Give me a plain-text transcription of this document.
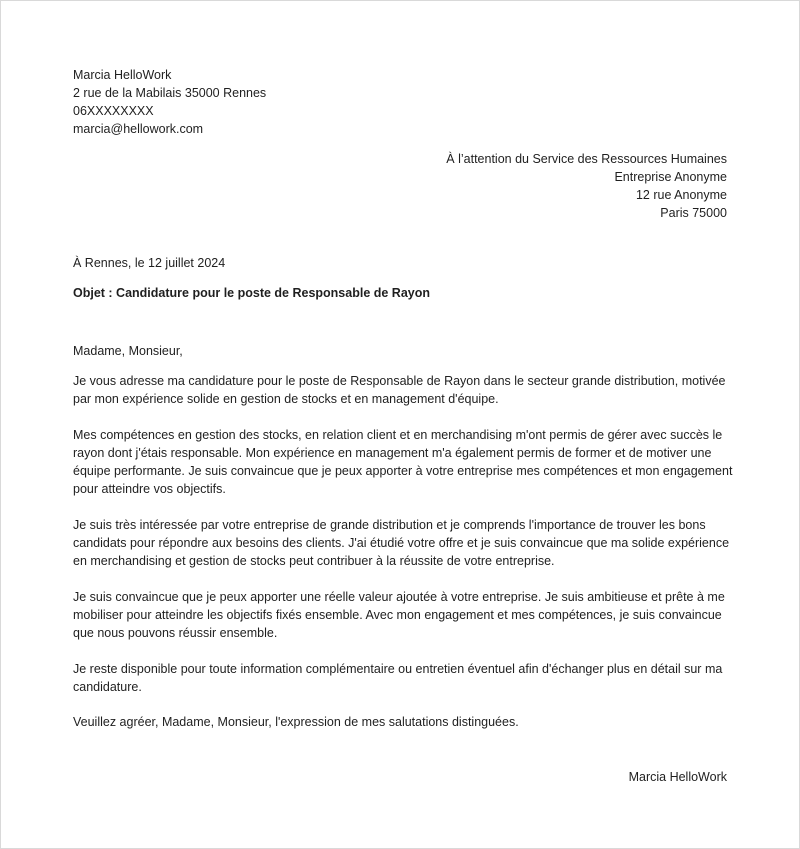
Marcia HelloWork
2 rue de la Mabilais 35000 Rennes
06XXXXXXXX
marcia@hellowork.com
À l’attention du Service des Ressources Humaines
Entreprise Anonyme
12 rue Anonyme
Paris 75000
À Rennes, le 12 juillet 2024
Objet : Candidature pour le poste de Responsable de Rayon
Madame, Monsieur,

Je vous adresse ma candidature pour le poste de Responsable de Rayon dans le secteur grande distribution, motivée par mon expérience solide en gestion de stocks et en management d'équipe.

Mes compétences en gestion des stocks, en relation client et en merchandising m'ont permis de gérer avec succès le rayon dont j'étais responsable. Mon expérience en management m'a également permis de former et de motiver une équipe performante. Je suis convaincue que je peux apporter à votre entreprise mes compétences et mon engagement pour atteindre vos objectifs.

Je suis très intéressée par votre entreprise de grande distribution et je comprends l'importance de trouver les bons candidats pour répondre aux besoins des clients. J'ai étudié votre offre et je suis convaincue que ma solide expérience en merchandising et gestion de stocks peut contribuer à la réussite de votre entreprise.

Je suis convaincue que je peux apporter une réelle valeur ajoutée à votre entreprise. Je suis ambitieuse et prête à me mobiliser pour atteindre les objectifs fixés ensemble. Avec mon engagement et mes compétences, je suis convaincue que nous pouvons réussir ensemble.

Je reste disponible pour toute information complémentaire ou entretien éventuel afin d'échanger plus en détail sur ma candidature.

Veuillez agréer, Madame, Monsieur, l'expression de mes salutations distinguées.
Marcia HelloWork
